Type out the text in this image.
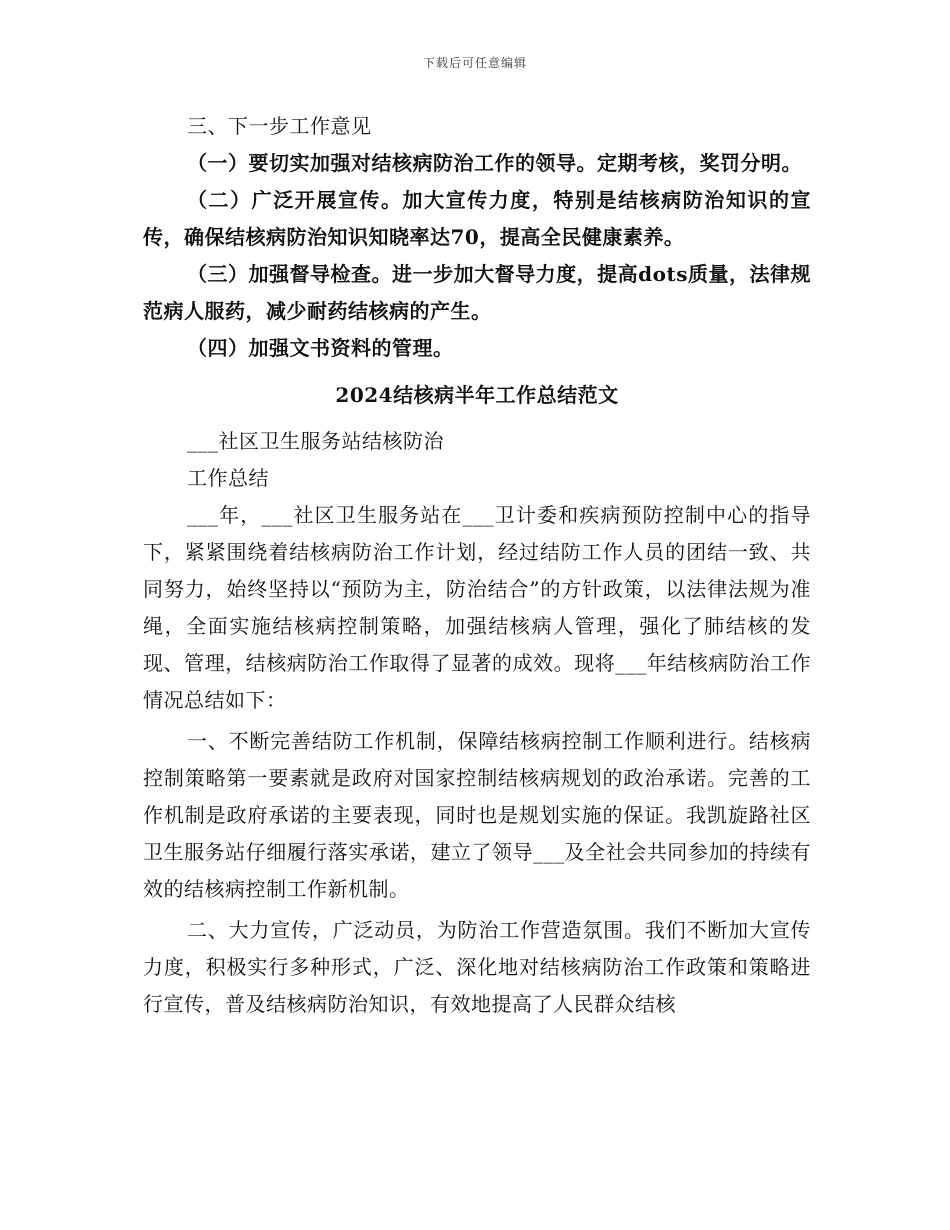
下载后可任意编辑

三、下一步工作意见

（一）要切实加强对结核病防治工作的领导。定期考核，奖罚分明。

（二）广泛开展宣传。加大宣传力度，特别是结核病防治知识的宣传，确保结核病防治知识知晓率达70，提高全民健康素养。

（三）加强督导检查。进一步加大督导力度，提高dots质量，法律规范病人服药，减少耐药结核病的产生。

（四）加强文书资料的管理。

2024结核病半年工作总结范文

___社区卫生服务站结核防治

工作总结

___年，___社区卫生服务站在___卫计委和疾病预防控制中心的指导下，紧紧围绕着结核病防治工作计划，经过结防工作人员的团结一致、共同努力，始终坚持以“预防为主，防治结合”的方针政策，以法律法规为准绳，全面实施结核病控制策略，加强结核病人管理，强化了肺结核的发现、管理，结核病防治工作取得了显著的成效。现将___年结核病防治工作情况总结如下：

一、不断完善结防工作机制，保障结核病控制工作顺利进行。结核病控制策略第一要素就是政府对国家控制结核病规划的政治承诺。完善的工作机制是政府承诺的主要表现，同时也是规划实施的保证。我凯旋路社区卫生服务站仔细履行落实承诺，建立了领导___及全社会共同参加的持续有效的结核病控制工作新机制。

二、大力宣传，广泛动员，为防治工作营造氛围。我们不断加大宣传力度，积极实行多种形式，广泛、深化地对结核病防治工作政策和策略进行宣传，普及结核病防治知识，有效地提高了人民群众结核
